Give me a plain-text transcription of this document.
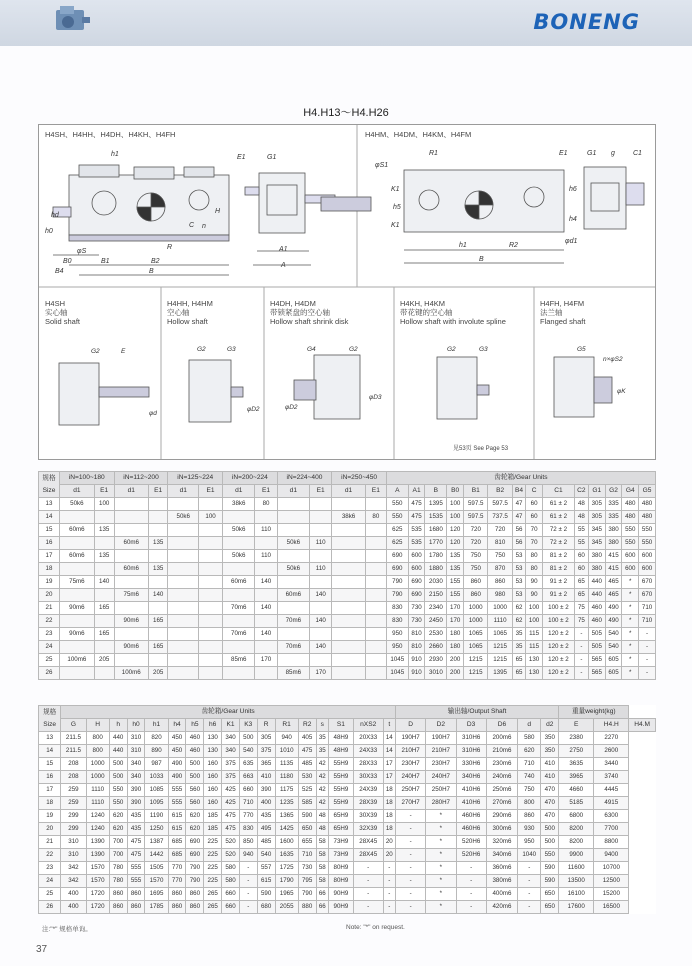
BONENG
H4.H13～H4.H26
H4SH、H4HH、H4DH、H4KH、H4FH	H4HM、H4DM、H4KM、H4FM
h1
hd
h0
φS
R
C
B0	B1	B2
B4	B
H
n
E1	G1
A1
A
φS1
R1	E1	G1 g	C1
K1
h5
K1
h6
h4
h1	R2
B
φd1
G2	E
φd
G2	G3
φD2
G4	G2
φD2
φD3
G2	G3	G5
n×φS2
φK
H4SH
实心轴
Solid shaft
H4HH, H4HM
空心轴
Hollow shaft
H4DH, H4DM
带锁紧盘的空心轴
Hollow shaft shrink disk
H4KH, H4KM
带花键的空心轴
Hollow shaft with involute spline
H4FH, H4FM
法兰轴
Flanged shaft
见53页 See Page 53
规格
Size	iN=100~180		iN=112~200		iN=125~224		iN=200~224		iN=224~400		iN=250~450		齿轮箱/Gear Units													
	d1	E1	d1	E1	d1	E1	d1	E1	d1	E1	d1	E1	A	A1	B	B0	B1	B2	B4	C	C1	C2	G1	G2	G4	G5
13	50k6	100					38k6	80					550	475	1395	100	597.5	597.5	47	60	61 ± 2	48	305	335	480	480
14					50k6	100					38k6	80	550	475	1535	100	597.5	737.5	47	60	61 ± 2	48	305	335	480	480
15	60m6	135					50k6	110					625	535	1680	120	720	720	56	70	72 ± 2	55	345	380	550	550
16			60m6	135					50k6	110			625	535	1770	120	720	810	56	70	72 ± 2	55	345	380	550	550
17	60m6	135					50k6	110					690	600	1780	135	750	750	53	80	81 ± 2	60	380	415	600	600
18			60m6	135					50k6	110			690	600	1880	135	750	870	53	80	81 ± 2	60	380	415	600	600
19	75m6	140					60m6	140					790	690	2030	155	860	860	53	90	91 ± 2	65	440	465	*	670
20			75m6	140					60m6	140			790	690	2150	155	860	980	53	90	91 ± 2	65	440	465	*	670
21	90m6	165					70m6	140					830	730	2340	170	1000	1000	62	100	100 ± 2	75	460	490	*	710
22			90m6	165					70m6	140			830	730	2450	170	1000	1110	62	100	100 ± 2	75	460	490	*	710
23	90m6	165					70m6	140					950	810	2530	180	1065	1065	35	115	120 ± 2	-	505	540	*	-
24			90m6	165					70m6	140			950	810	2660	180	1065	1215	35	115	120 ± 2	-	505	540	*	-
25	100m6	205					85m6	170					1045	910	2930	200	1215	1215	65	130	120 ± 2	-	565	605	*	-
26			100m6	205					85m6	170			1045	910	3010	200	1215	1395	65	130	120 ± 2	-	565	605	*	-
规格
Size	齿轮箱/Gear Units																	输出轴/Output Shaft						重量weight(kg)		
	G	H	h	h0	h1	h4	h5	h6	K1	K3	R	R1	R2	s	S1	nXS2	t	D	D2	D3	D6	d	d2	E	H4.H	H4.M
13	211.5	800	440	310	820	450	460	130	340	500	305	940	405	35	48H9	20X33	14	190H7	190H7	310H6	200m6	580	350	2380	2270	
14	211.5	800	440	310	890	450	460	130	340	540	375	1010	475	35	48H9	24X33	14	210H7	210H7	310H6	210m6	620	350	2750	2600	
15	208	1000	500	340	987	490	500	160	375	635	365	1135	485	42	55H9	28X33	17	230H7	230H7	330H6	230m6	710	410	3635	3440	
16	208	1000	500	340	1033	490	500	160	375	663	410	1180	530	42	55H9	30X33	17	240H7	240H7	340H6	240m6	740	410	3965	3740	
17	259	1110	550	390	1085	555	560	160	425	660	390	1175	525	42	55H9	24X39	18	250H7	250H7	410H6	250m6	750	470	4660	4445	
18	259	1110	550	390	1095	555	560	160	425	710	400	1235	585	42	55H9	28X39	18	270H7	280H7	410H6	270m6	800	470	5185	4915	
19	299	1240	620	435	1190	615	620	185	475	770	435	1365	590	48	65H9	30X39	18	-	*	460H6	290m6	860	470	6800	6300	
20	299	1240	620	435	1250	615	620	185	475	830	495	1425	650	48	65H9	32X39	18	-	*	460H6	300m6	930	500	8200	7700	
21	310	1390	700	475	1387	685	690	225	520	850	485	1600	655	58	73H9	28X45	20	-	*	520H6	320m6	950	500	8200	8800	
22	310	1390	700	475	1442	685	690	225	520	940	540	1635	710	58	73H9	28X45	20	-	*	520H6	340m6	1040	550	9900	9400	
23	342	1570	780	555	1505	770	790	225	580	-	557	1725	730	58	80H9	-	-	-	*	-	360m6	-	590	11600	10700	
24	342	1570	780	555	1570	770	790	225	580	-	615	1790	795	58	80H9	-	-	-	*	-	380m6	-	590	13500	12500	
25	400	1720	860	860	1695	860	860	265	660	-	590	1965	790	66	90H9	-	-	-	*	-	400m6	-	650	16100	15200	
26	400	1720	860	860	1785	860	860	265	660	-	680	2055	880	66	90H9	-	-	-	*	-	420m6	-	650	17600	16500	
注:"*" 规格单询。	Note: "*" on request.
37
